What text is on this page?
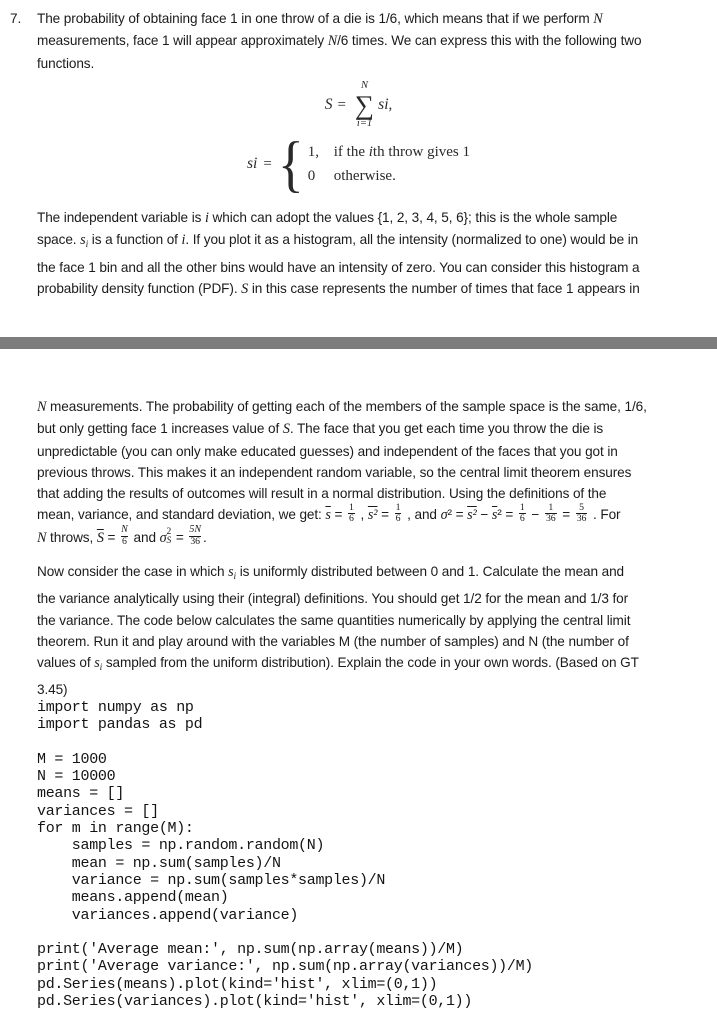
7. The probability of obtaining face 1 in one throw of a die is 1/6, which means that if we perform N
measurements, face 1 will appear approximately N/6 times. We can express this with the following two
functions.
S =
N
∑
i=1
s i ,
s i = { 1, if the ith throw gives 1
0	otherwise.
The independent variable is i which can adopt the values {1, 2, 3, 4, 5, 6}; this is the whole sample
space. $s_i$ is a function of i. If you plot it as a histogram, all the intensity (normalized to one) would be in
the face 1 bin and all the other bins would have an intensity of zero. You can consider this histogram a
probability density function (PDF). S in this case represents the number of times that face 1 appears in
N measurements. The probability of getting each of the members of the sample space is the same, 1/6,
but only getting face 1 increases value of S. The face that you get each time you throw the die is
unpredictable (you can only make educated guesses) and independent of the faces that you got in
previous throws. This makes it an independent random variable, so the central limit theorem ensures
that adding the results of outcomes will result in a normal distribution. Using the definitions of the
mean, variance, and standard deviation, we get: $\overline{s} = \frac{1}{6}$ , $s^2 = \frac{1}{6}$ , and $\sigma^2 = s^2 - \overline{s}^2 = \frac{1}{6} - \frac{1}{36} = \frac{5}{36}$ . For
N throws, $\overline{S} = \frac{N}{6}$ and σ 2
$S = \frac{5N}{36}$ .
Now consider the case in which $s_i$ is uniformly distributed between 0 and 1. Calculate the mean and
the variance analytically using their (integral) definitions. You should get 1/2 for the mean and 1/3 for
the variance. The code below calculates the same quantities numerically by applying the central limit
theorem. Run it and play around with the variables M (the number of samples) and N (the number of
values of $s_i$ sampled from the uniform distribution). Explain the code in your own words. (Based on GT
3.45)
import numpy as np
import pandas as pd

M = 1000
N = 10000
means = []
variances = []
for m in range(M):
samples = np.random.random(N)
mean = np.sum(samples)/N
variance = np.sum(samples*samples)/N
means.append(mean)
variances.append(variance)

print('Average mean:', np.sum(np.array(means))/M)
print('Average variance:', np.sum(np.array(variances))/M)
pd.Series(means).plot(kind='hist', xlim=(0,1))
pd.Series(variances).plot(kind='hist', xlim=(0,1))
